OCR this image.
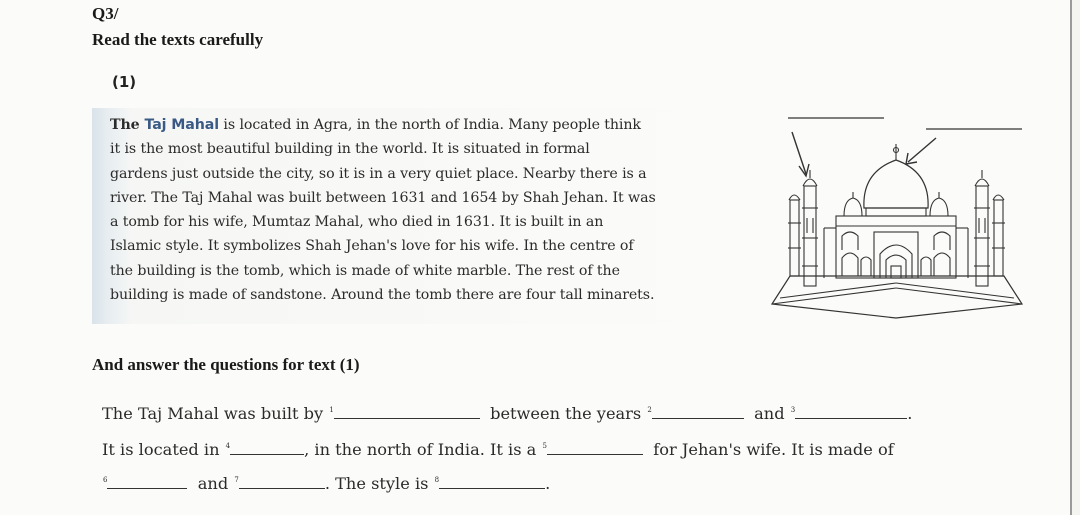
Q3/
Read the texts carefully
(1)
The Taj Mahal is located in Agra, in the north of India. Many people think
it is the most beautiful building in the world. It is situated in formal
gardens just outside the city, so it is in a very quiet place. Nearby there is a
river. The Taj Mahal was built between 1631 and 1654 by Shah Jehan. It was
a tomb for his wife, Mumtaz Mahal, who died in 1631. It is built in an
Islamic style. It symbolizes Shah Jehan's love for his wife. In the centre of
the building is the tomb, which is made of white marble. The rest of the
building is made of sandstone. Around the tomb there are four tall minarets.
And answer the questions for text (1)
The Taj Mahal was built by $^1$	between the years $^2$	and $^3$	.
It is located in $^4$	, in the north of India. It is a $^5$	for Jehan's wife. It is made of
$^6$	and $^7$	. The style is $^8$	.
